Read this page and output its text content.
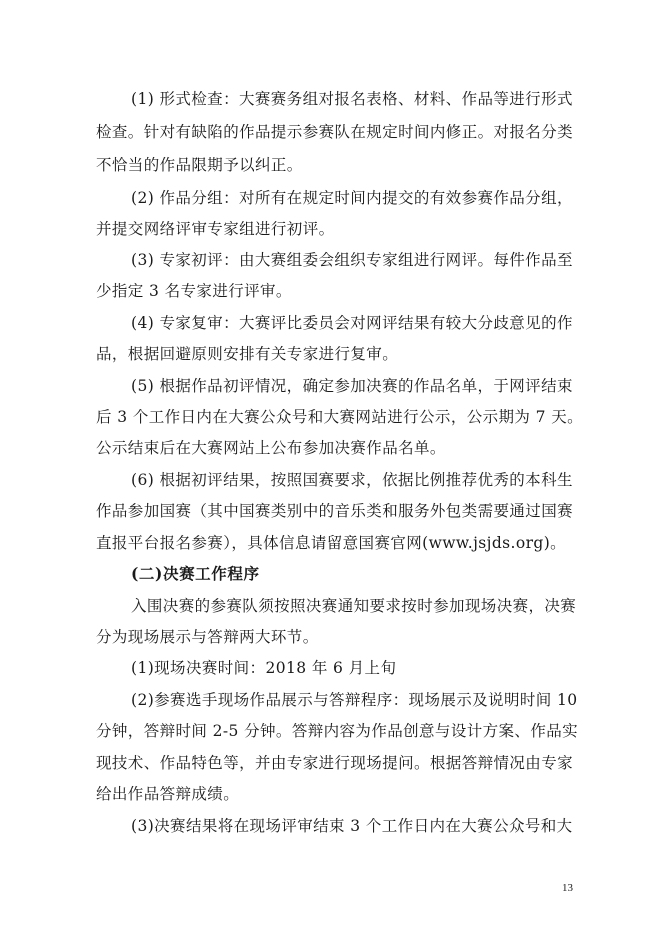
(1) 形式检查：大赛赛务组对报名表格、材料、作品等进行形式
检查。针对有缺陷的作品提示参赛队在规定时间内修正。对报名分类
不恰当的作品限期予以纠正。
(2) 作品分组：对所有在规定时间内提交的有效参赛作品分组，
并提交网络评审专家组进行初评。
(3) 专家初评：由大赛组委会组织专家组进行网评。每件作品至
少指定 3 名专家进行评审。
(4) 专家复审：大赛评比委员会对网评结果有较大分歧意见的作
品，根据回避原则安排有关专家进行复审。
(5) 根据作品初评情况，确定参加决赛的作品名单，于网评结束
后 3 个工作日内在大赛公众号和大赛网站进行公示，公示期为 7 天。
公示结束后在大赛网站上公布参加决赛作品名单。
(6) 根据初评结果，按照国赛要求，依据比例推荐优秀的本科生
作品参加国赛（其中国赛类别中的音乐类和服务外包类需要通过国赛
直报平台报名参赛），具体信息请留意国赛官网(www.jsjds.org)。
(二)决赛工作程序
入围决赛的参赛队须按照决赛通知要求按时参加现场决赛，决赛
分为现场展示与答辩两大环节。
(1)现场决赛时间：2018 年 6 月上旬
(2)参赛选手现场作品展示与答辩程序：现场展示及说明时间 10
分钟，答辩时间 2-5 分钟。答辩内容为作品创意与设计方案、作品实
现技术、作品特色等，并由专家进行现场提问。根据答辩情况由专家
给出作品答辩成绩。
(3)决赛结果将在现场评审结束 3 个工作日内在大赛公众号和大
13
